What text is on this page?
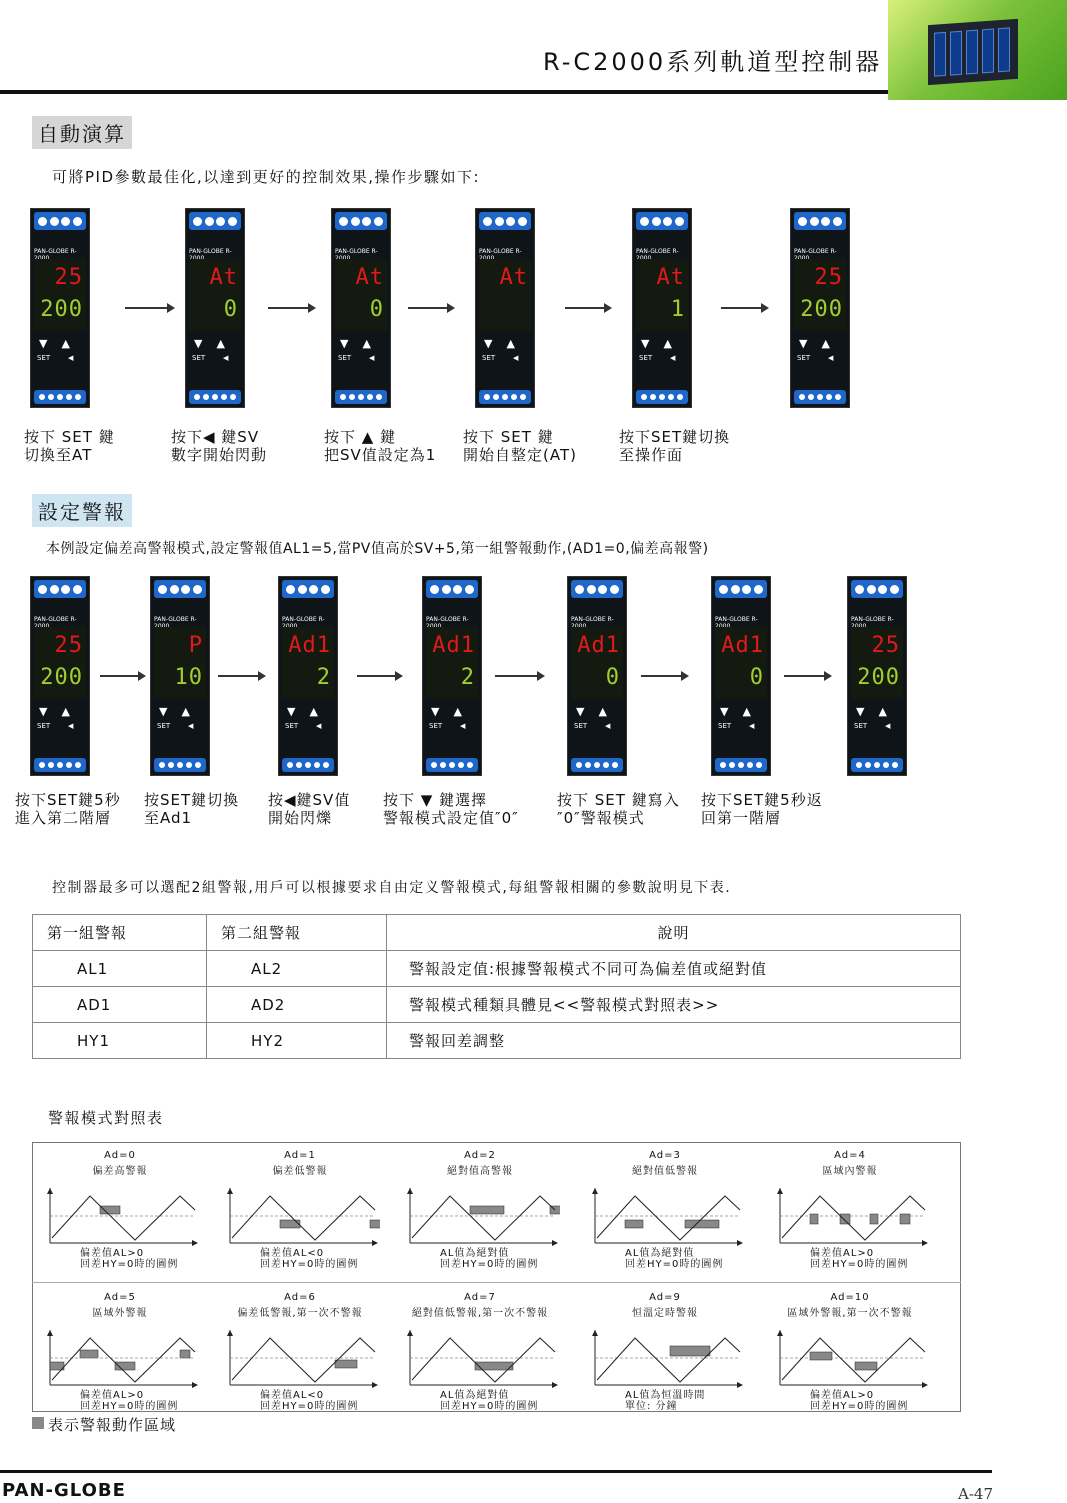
R-C2000系列軌道型控制器
自動演算
可將PID參數最佳化,以達到更好的控制效果,操作步驟如下:
PAN-GLOBE R-
25
200
▼    ▲
SET        ◀
PAN-GLOBE R-
At
0
▼    ▲
SET        ◀
PAN-GLOBE R-
At
0
▼    ▲
SET        ◀
PAN-GLOBE R-
At
▼    ▲
SET        ◀
PAN-GLOBE R-
At
1
▼    ▲
SET        ◀
PAN-GLOBE R-
25
200
▼    ▲
SET        ◀
按下 SET 鍵
切換至AT
按下◀ 鍵SV
數字開始閃動
按下 ▲ 鍵
把SV值設定為1
按下 SET 鍵
開始自整定(AT)
按下SET鍵切換
至操作面
設定警報
本例設定偏差高警報模式,設定警報值AL1=5,當PV值高於SV+5,第一組警報動作,(AD1=0,偏差高報警)
PAN-GLOBE R-
25
200
▼    ▲
SET        ◀
PAN-GLOBE R-
P
10
▼    ▲
SET        ◀
PAN-GLOBE R-
Ad1
2
▼    ▲
SET        ◀
PAN-GLOBE R-
Ad1
2
▼    ▲
SET        ◀
PAN-GLOBE R-
Ad1
0
▼    ▲
SET        ◀
PAN-GLOBE R-
Ad1
0
▼    ▲
SET        ◀
PAN-GLOBE R-
25
200
▼    ▲
SET        ◀
按下SET鍵5秒
進入第二階層
按SET鍵切換
至Ad1
按◀鍵SV值
開始閃爍
按下 ▼ 鍵選擇
警報模式設定值″0″
按下 SET 鍵寫入
″0″警報模式
按下SET鍵5秒返
回第一階層
控制器最多可以選配2組警報,用戶可以根據要求自由定义警報模式,每組警報相關的參數說明見下表.
第一組警報	第二組警報	說明
AL1	AL2	警報設定值:根據警報模式不同可為偏差值或絕對值
AD1	AD2	警報模式種類具體見<<警報模式對照表>>
HY1	HY2	警報回差調整
警報模式對照表
Ad=0
偏差高警報
偏差值AL>0
回差HY=0時的圖例
Ad=1
偏差低警報
偏差值AL<0
回差HY=0時的圖例
Ad=2
絕對值高警報
AL值為絕對值
回差HY=0時的圖例
Ad=3
絕對值低警報
AL值為絕對值
回差HY=0時的圖例
Ad=4
區域內警報
偏差值AL>0
回差HY=0時的圖例
Ad=5
區域外警報
偏差值AL>0
回差HY=0時的圖例
Ad=6
偏差低警報,第一次不警報
偏差值AL<0
回差HY=0時的圖例
Ad=7
絕對值低警報,第一次不警報
AL值為絕對值
回差HY=0時的圖例
Ad=9
恒溫定時警報
AL值為恒溫時間
單位: 分鐘
Ad=10
區域外警報,第一次不警報
偏差值AL>0
回差HY=0時的圖例
表示警報動作區域
PAN-GLOBE	A-47
